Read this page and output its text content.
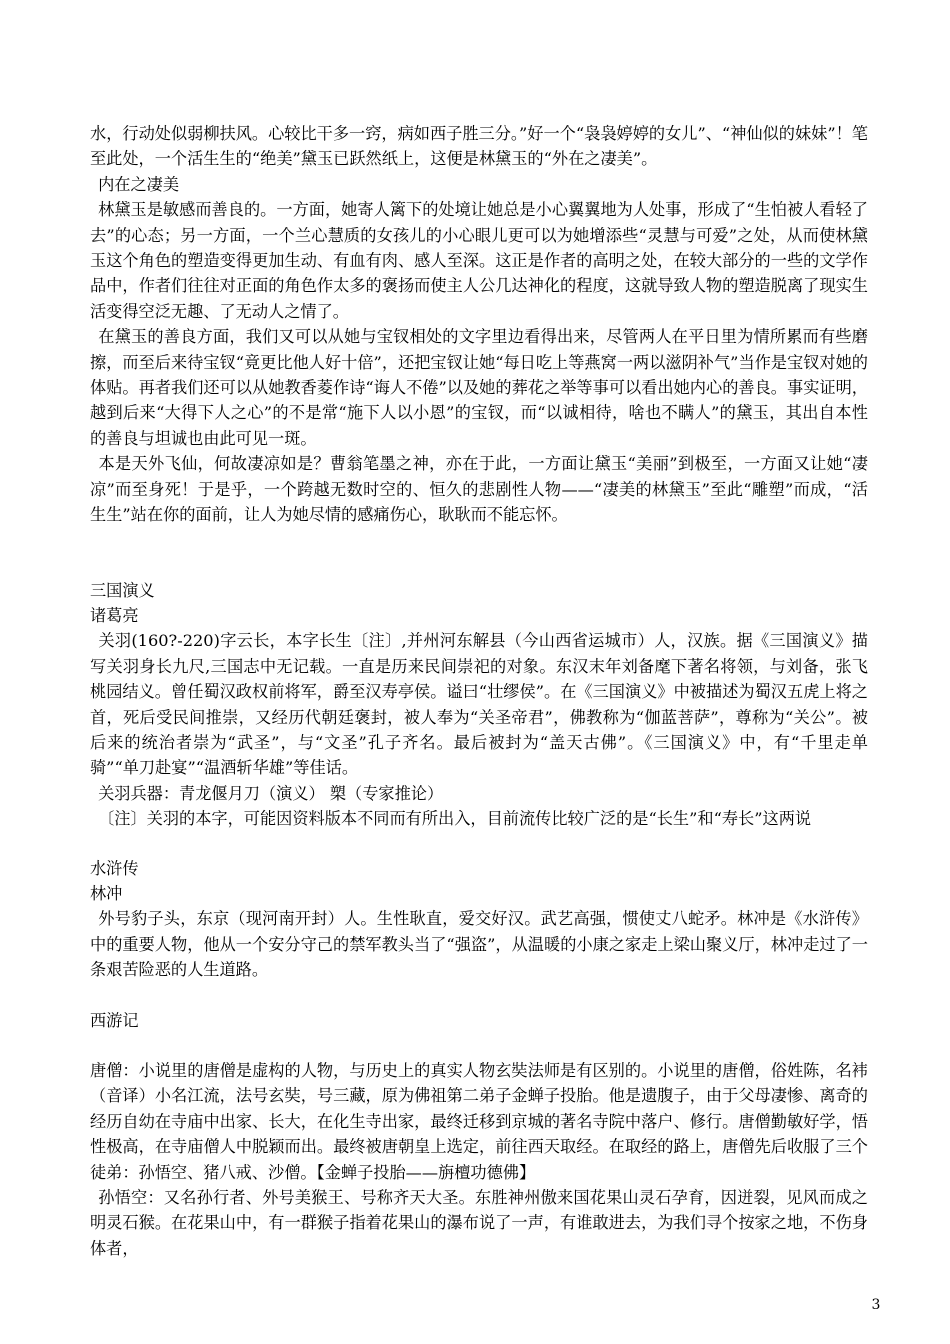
水，行动处似弱柳扶风。心较比干多一窍，病如西子胜三分。”好一个“袅袅婷婷的女儿”、“神仙似的妹妹”！笔至此处，一个活生生的“绝美”黛玉已跃然纸上，这便是林黛玉的“外在之凄美”。

 内在之凄美

 林黛玉是敏感而善良的。一方面，她寄人篱下的处境让她总是小心翼翼地为人处事，形成了“生怕被人看轻了去”的心态；另一方面，一个兰心慧质的女孩儿的小心眼儿更可以为她增添些“灵慧与可爱”之处，从而使林黛玉这个角色的塑造变得更加生动、有血有肉、感人至深。这正是作者的高明之处，在较大部分的一些的文学作品中，作者们往往对正面的角色作太多的褒扬而使主人公几达神化的程度，这就导致人物的塑造脱离了现实生活变得空泛无趣、了无动人之情了。

 在黛玉的善良方面，我们又可以从她与宝钗相处的文字里边看得出来，尽管两人在平日里为情所累而有些磨擦，而至后来待宝钗“竟更比他人好十倍”，还把宝钗让她“每日吃上等燕窝一两以滋阴补气”当作是宝钗对她的体贴。再者我们还可以从她教香菱作诗“诲人不倦”以及她的葬花之举等事可以看出她内心的善良。事实证明，越到后来“大得下人之心”的不是常“施下人以小恩”的宝钗，而“以诚相待，啥也不瞒人”的黛玉，其出自本性的善良与坦诚也由此可见一斑。

 本是天外飞仙，何故凄凉如是？曹翁笔墨之神，亦在于此，一方面让黛玉“美丽”到极至，一方面又让她“凄凉”而至身死！于是乎，一个跨越无数时空的、恒久的悲剧性人物——“凄美的林黛玉”至此“雕塑”而成，“活生生”站在你的面前，让人为她尽情的感痛伤心，耿耿而不能忘怀。

三国演义

诸葛亮

 关羽(160?-220)字云长，本字长生〔注〕,并州河东解县（今山西省运城市）人，汉族。据《三国演义》描写关羽身长九尺,三国志中无记载。一直是历来民间崇祀的对象。东汉末年刘备麾下著名将领，与刘备，张飞桃园结义。曾任蜀汉政权前将军，爵至汉寿亭侯。谥曰“壮缪侯”。在《三国演义》中被描述为蜀汉五虎上将之首，死后受民间推崇，又经历代朝廷褒封，被人奉为“关圣帝君”，佛教称为“伽蓝菩萨”，尊称为“关公”。被后来的统治者崇为“武圣”，与“文圣”孔子齐名。最后被封为“盖天古佛”。《三国演义》中，有“千里走单骑”“单刀赴宴”“温酒斩华雄”等佳话。

 关羽兵器：青龙偃月刀（演义） 槊（专家推论）

 〔注〕关羽的本字，可能因资料版本不同而有所出入，目前流传比较广泛的是“长生”和“寿长”这两说

水浒传

林冲

 外号豹子头，东京（现河南开封）人。生性耿直，爱交好汉。武艺高强，惯使丈八蛇矛。林冲是《水浒传》中的重要人物，他从一个安分守己的禁军教头当了“强盗”，从温暖的小康之家走上梁山聚义厅，林冲走过了一条艰苦险恶的人生道路。

西游记

唐僧：小说里的唐僧是虚构的人物，与历史上的真实人物玄奘法师是有区别的。小说里的唐僧，俗姓陈，名袆（音译）小名江流，法号玄奘，号三藏，原为佛祖第二弟子金蝉子投胎。他是遗腹子，由于父母凄惨、离奇的经历自幼在寺庙中出家、长大，在化生寺出家，最终迁移到京城的著名寺院中落户、修行。唐僧勤敏好学，悟性极高，在寺庙僧人中脱颖而出。最终被唐朝皇上选定，前往西天取经。在取经的路上，唐僧先后收服了三个徒弟：孙悟空、猪八戒、沙僧。【金蝉子投胎——旃檀功德佛】

 孙悟空：又名孙行者、外号美猴王、号称齐天大圣。东胜神州傲来国花果山灵石孕育，因迸裂，见风而成之明灵石猴。在花果山中，有一群猴子指着花果山的瀑布说了一声，有谁敢进去，为我们寻个按家之地，不伤身体者，

3
